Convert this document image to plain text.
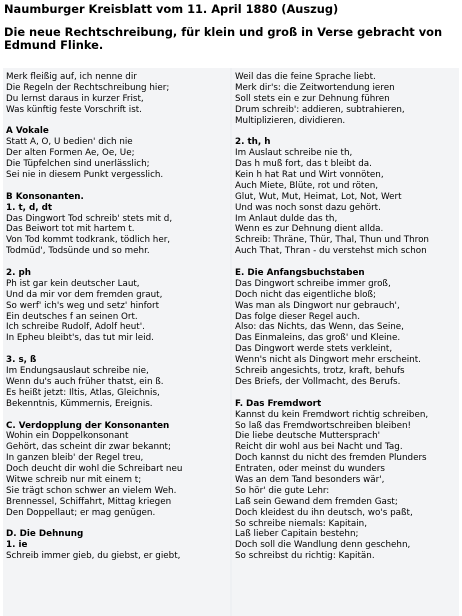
Naumburger Kreisblatt vom 11. April 1880 (Auszug)
Die neue Rechtschreibung, für klein und groß in Verse gebracht von Edmund Flinke.
Merk fleißig auf, ich nenne dir
Die Regeln der Rechtschreibung hier;
Du lernst daraus in kurzer Frist,
Was künftig feste Vorschrift ist.
A Vokale
Statt Ä, Ö, Ü bedien' dich nie
Der alten Formen Ae, Oe, Ue;
Die Tüpfelchen sind unerlässlich;
Sei nie in diesem Punkt vergesslich.
B Konsonanten.
1. t, d, dt
Das Dingwort Tod schreib' stets mit d,
Das Beiwort tot mit hartem t.
Von Tod kommt todkrank, tödlich her,
Todmüd', Todsünde und so mehr.
2. ph
Ph ist gar kein deutscher Laut,
Und da mir vor dem fremden graut,
So werf' ich's weg und setz' hinfort
Ein deutsches f an seinen Ort.
Ich schreibe Rudolf, Adolf heut'.
In Epheu bleibt's, das tut mir leid.
3. s, ß
Im Endungsauslaut schreibe nie,
Wenn du's auch früher thatst, ein ß.
Es heißt jetzt: Iltis, Atlas, Gleichnis,
Bekenntnis, Kümmernis, Ereignis.
C. Verdopplung der Konsonanten
Wohin ein Doppelkonsonant
Gehört, das scheint dir zwar bekannt;
In ganzen bleib' der Regel treu,
Doch deucht dir wohl die Schreibart neu
Witwe schreib nur mit einem t;
Sie trägt schon schwer an vielem Weh.
Brennessel, Schiffahrt, Mittag kriegen
Den Doppellaut; er mag genügen.
D. Die Dehnung
1. ie
Schreib immer gieb, du giebst, er giebt,
Weil das die feine Sprache liebt.
Merk dir's: die Zeitwortendung ieren
Soll stets ein e zur Dehnung führen
Drum schreib': addieren, subtrahieren,
Multiplizieren, dividieren.
2. th, h
Im Auslaut schreibe nie th,
Das h muß fort, das t bleibt da.
Kein h hat Rat und Wirt vonnöten,
Auch Miete, Blüte, rot und röten,
Glut, Wut, Mut, Heimat, Lot, Not, Wert
Und was noch sonst dazu gehört.
Im Anlaut dulde das th,
Wenn es zur Dehnung dient allda.
Schreib: Thräne, Thür, Thal, Thun und Thron
Auch That, Thran - du verstehst mich schon
E. Die Anfangsbuchstaben
Das Dingwort schreibe immer groß,
Doch nicht das eigentliche bloß;
Was man als Dingwort nur gebrauch',
Das folge dieser Regel auch.
Also: das Nichts, das Wenn, das Seine,
Das Einmaleins, das groß' und Kleine.
Das Dingwort werde stets verkleint,
Wenn's nicht als Dingwort mehr erscheint.
Schreib angesichts, trotz, kraft, behufs
Des Briefs, der Vollmacht, des Berufs.
F. Das Fremdwort
Kannst du kein Fremdwort richtig schreiben,
So laß das Fremdwortschreiben bleiben!
Die liebe deutsche Muttersprach'
Reicht dir wohl aus bei Nacht und Tag.
Doch kannst du nicht des fremden Plunders
Entraten, oder meinst du wunders
Was an dem Tand besonders wär',
So hör' die gute Lehr:
Laß sein Gewand dem fremden Gast;
Doch kleidest du ihn deutsch, wo's paßt,
So schreibe niemals: Kapitain,
Laß lieber Capitain bestehn;
Doch soll die Wandlung denn geschehn,
So schreibst du richtig: Kapitän.
